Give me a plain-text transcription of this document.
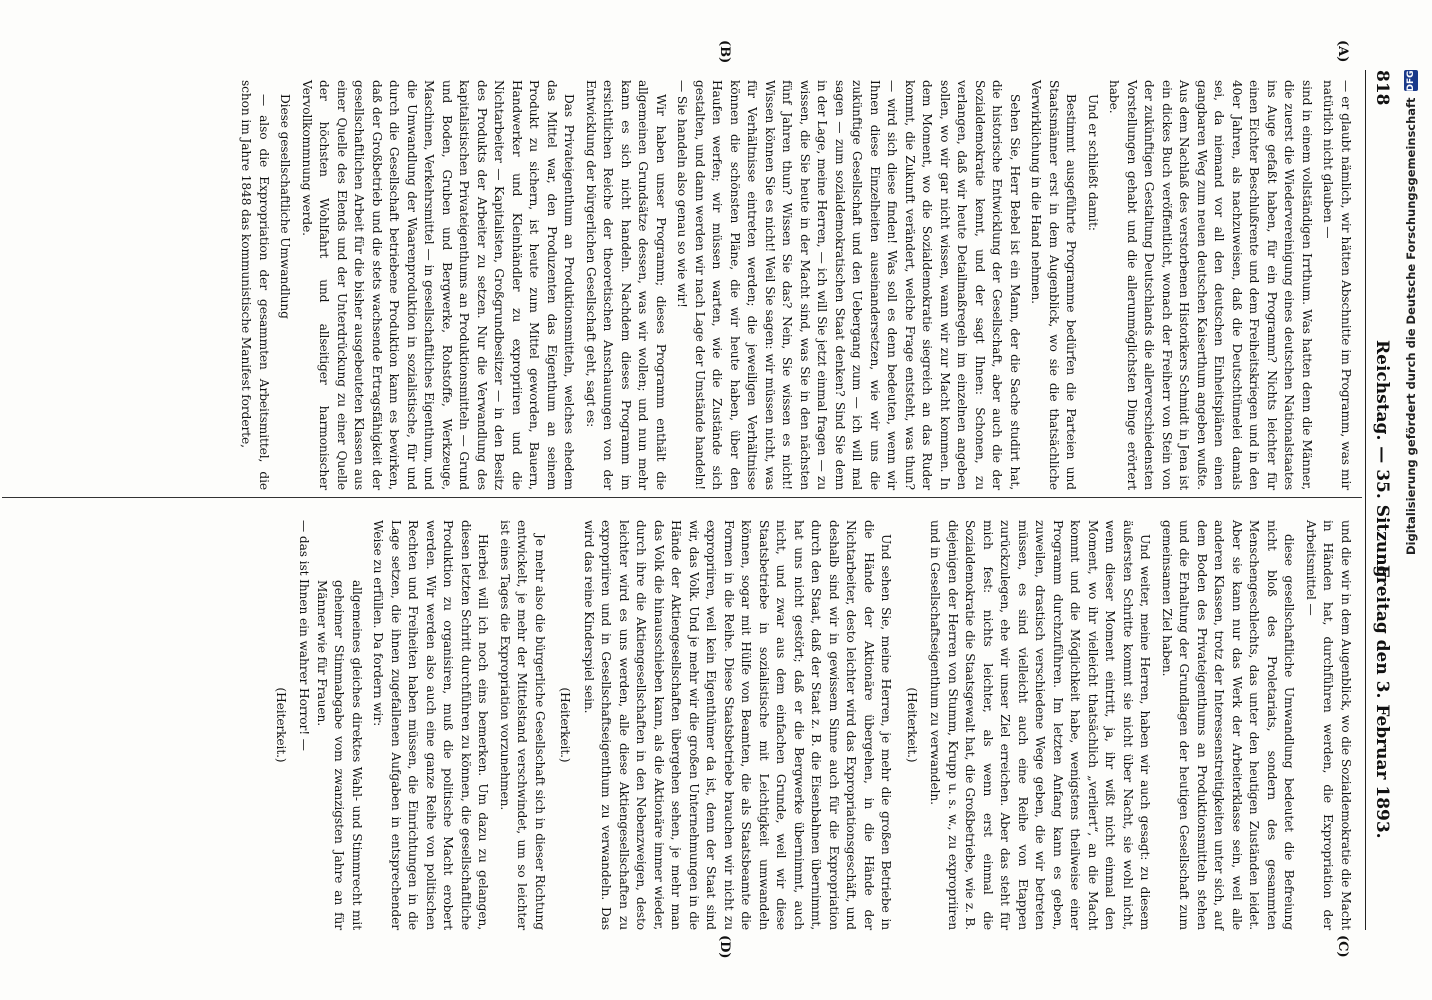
818
Reichstag. — 35. Sitzung.
Freitag den 3. Februar 1893.
(A)
(B)
(C)
(D)

— er glaubt nämlich, wir hätten Abschnitte im Programm, was mir natürlich nicht glauben —

sind in einem vollständigen Irrthum. Was hatten denn die Männer, die zuerst die Wiedervereinigung eines deutschen Nationalstaates ins Auge gefaßt haben, für ein Programm? Nichts leichter für einen Eichter Beschlußrente und dem Freiheitskriegen und in den 40er Jahren, als nachzuweisen, daß die Deutschtümelei damals sei, da niemand vor all den deutschen Einheitsplänen einen gangbaren Weg zum neuen deutschen Kaiserthum angeben wußte. Aus dem Nachlaß des verstorbenen Historikers Schmidt in Jena ist ein dickes Buch veröffentlicht, wonach der Freiherr von Stein von der zukünftigen Gestaltung Deutschlands die allerverschiedensten Vorstellungen gehabt und die allerunmöglichsten Dinge erörtert habe.

Und er schließt damit:

Bestimmt ausgeführte Programme bedürfen die Parteien und Staatsmänner erst in dem Augenblick, wo sie die thatsächliche Verwirklichung in die Hand nehmen.

Sehen Sie, Herr Bebel ist ein Mann, der die Sache studirt hat, die historische Entwicklung der Gesellschaft, aber auch die der Sozialdemokratie kennt, und der sagt Ihnen: Schonen, zu verlangen, daß wir heute Detailmaßregeln im einzelnen angeben sollen, wo wir gar nicht wissen, wann wir zur Macht kommen. In dem Moment, wo die Sozialdemokratie siegreich an das Ruder kommt, die Zukunft verändert, welche Frage entsteht, was thun? — wird sich diese finden! Was soll es denn bedeuten, wenn wir Ihnen diese Einzelheiten auseinandersetzen, wie wir uns die zukünftige Gesellschaft und den Uebergang zum — ich will mal sagen — zum sozialdemokratischen Staat denken? Sind Sie denn in der Lage, meine Herren, — ich will Sie jetzt einmal fragen — zu wissen, die Sie heute in der Macht sind, was Sie in den nächsten fünf Jahren thun? Wissen Sie das? Nein, Sie wissen es nicht! Wissen können Sie es nicht! Weil Sie sagen: wir müssen nicht, was für Verhältnisse eintreten werden; die jeweiligen Verhältnisse können die schönsten Pläne, die wir heute haben, über den Haufen werfen; wir müssen warten, wie die Zustände sich gestalten, und dann werden wir nach Lage der Umstände handeln! — Sie handeln also genau so wie wir!

Wir haben unser Programm; dieses Programm enthält die allgemeinen Grundsätze dessen, was wir wollen; und nun mehr kann es sich nicht handeln. Nachdem dieses Programm im ersichtlichen Reiche der theoretischen Anschauungen von der Entwicklung der bürgerlichen Gesellschaft geht, sagt es:

Das Privateigenthum an Produktionsmitteln, welches ehedem das Mittel war, den Produzenten das Eigenthum an seinem Produkt zu sichern, ist heute zum Mittel geworden, Bauern, Handwerker und Kleinhändler zu expropriiren und die Nichtarbeiter — Kapitalisten, Großgrundbesitzer — in den Besitz des Produkts der Arbeiter zu setzen. Nur die Verwandlung des kapitalistischen Privateigenthums an Produktionsmitteln — Grund und Boden, Gruben und Bergwerke, Rohstoffe, Werkzeuge, Maschinen, Verkehrsmittel — in gesellschaftliches Eigenthum, und die Umwandlung der Waarenproduktion in sozialistische, für und durch die Gesellschaft betriebene Produktion kann es bewirken, daß der Großbetrieb und die stets wachsende Ertragsfähigkeit der gesellschaftlichen Arbeit für die bisher ausgebeuteten Klassen aus einer Quelle des Elends und der Unterdrückung zu einer Quelle der höchsten Wohlfahrt und allseitiger harmonischer Vervollkommnung werde.

Diese gesellschaftliche Umwandlung

— also die Expropriation der gesammten Arbeitsmittel, die schon im Jahre 1848 das kommunistische Manifest forderte,

und die wir in dem Augenblick, wo die Sozialdemokratie die Macht in Händen hat, durchführen werden, die Expropriation der Arbeitsmittel —

diese gesellschaftliche Umwandlung bedeutet die Befreiung nicht bloß des Proletariats, sondern des gesammten Menschengeschlechts, das unter den heutigen Zuständen leidet. Aber sie kann nur das Werk der Arbeiterklasse sein, weil alle anderen Klassen, trotz der Interessenstreitigkeiten unter sich, auf dem Boden des Privateigenthums an Produktionsmitteln stehen und die Erhaltung der Grundlagen der heutigen Gesellschaft zum gemeinsamen Ziel haben.

Und weiter, meine Herren, haben wir auch gesagt: zu diesem äußersten Schritte kommt sie nicht über Nacht, sie wohl nicht, wenn dieser Moment eintritt, ja, ihr wißt nicht einmal den Moment, wo ihr vielleicht thatsächlich „verliert“, an die Macht kommt und die Möglichkeit habe, wenigstens theilweise einer Programm durchzuführen. Im letzten Anfang kann es geben, zuweilen, drastisch verschiedene Wege geben, die wir betreten müssen, es sind vielleicht auch eine Reihe von Etappen zurückzulegen, ehe wir unser Ziel erreichen. Aber das steht für mich fest: nichts leichter, als wenn erst einmal die Sozialdemokratie die Staatsgewalt hat, die Großbetriebe, wie z. B. diejenigen der Herren von Stumm, Krupp u. s. w., zu expropriiren und in Gesellschaftseigenthum zu verwandeln.

(Heiterkeit.)

Und sehen Sie, meine Herren, je mehr die großen Betriebe in die Hände der Aktionäre übergehen, in die Hände der Nichtarbeiter, desto leichter wird das Expropriationsgeschäft, und deshalb sind wir in gewissem Sinne auch für die Expropriation durch den Staat, daß der Staat z. B. die Eisenbahnen übernimmt, hat uns nicht gestört; daß er die Bergwerke übernimmt, auch nicht, und zwar aus dem einfachen Grunde, weil wir diese Staatsbetriebe in sozialistische mit Leichtigkeit umwandeln können, sogar mit Hülfe von Beamten, die als Staatsbeamte die Formen in die Reihe. Diese Staatsbetriebe brauchen wir nicht zu expropriiren, weil kein Eigenthümer da ist, denn der Staat sind wir, das Volk. Und je mehr wir die großen Unternehmungen in die Hände der Aktiengesellschaften übergehen sehen, je mehr man das Volk die hinausschieben kann, als die Aktionäre immer wieder, durch ihre die Aktiengesellschaften in den Nebenzweigen, desto leichter wird es uns werden, alle diese Aktiengesellschaften zu expropriiren und in Gesellschaftseigenthum zu verwandeln. Das wird das reine Kinderspiel sein.

(Heiterkeit.)

Je mehr also die bürgerliche Gesellschaft sich in dieser Richtung entwickelt, je mehr der Mittelstand verschwindet, um so leichter ist eines Tages die Expropriation vorzunehmen.

Hierbei will ich noch eins bemerken. Um dazu zu gelangen, diesen letzten Schritt durchführen zu können, die gesellschaftliche Produktion zu organisiren, muß die politische Macht erobert werden. Wir werden also auch eine ganze Reihe von politischen Rechten und Freiheiten haben müssen, die Einrichtungen in die Lage setzen, die ihnen zugefallenen Aufgaben in entsprechender Weise zu erfüllen. Da fordern wir:

allgemeines gleiches direktes Wahl- und Stimmrecht mit geheimer Stimmabgabe vom zwanzigsten Jahre an für Männer wie für Frauen.

— das ist Ihnen ein wahrer Horror! —

(Heiterkeit.)

Digitalisierung gefördert durch die Deutsche Forschungsgemeinschaft
DFG
